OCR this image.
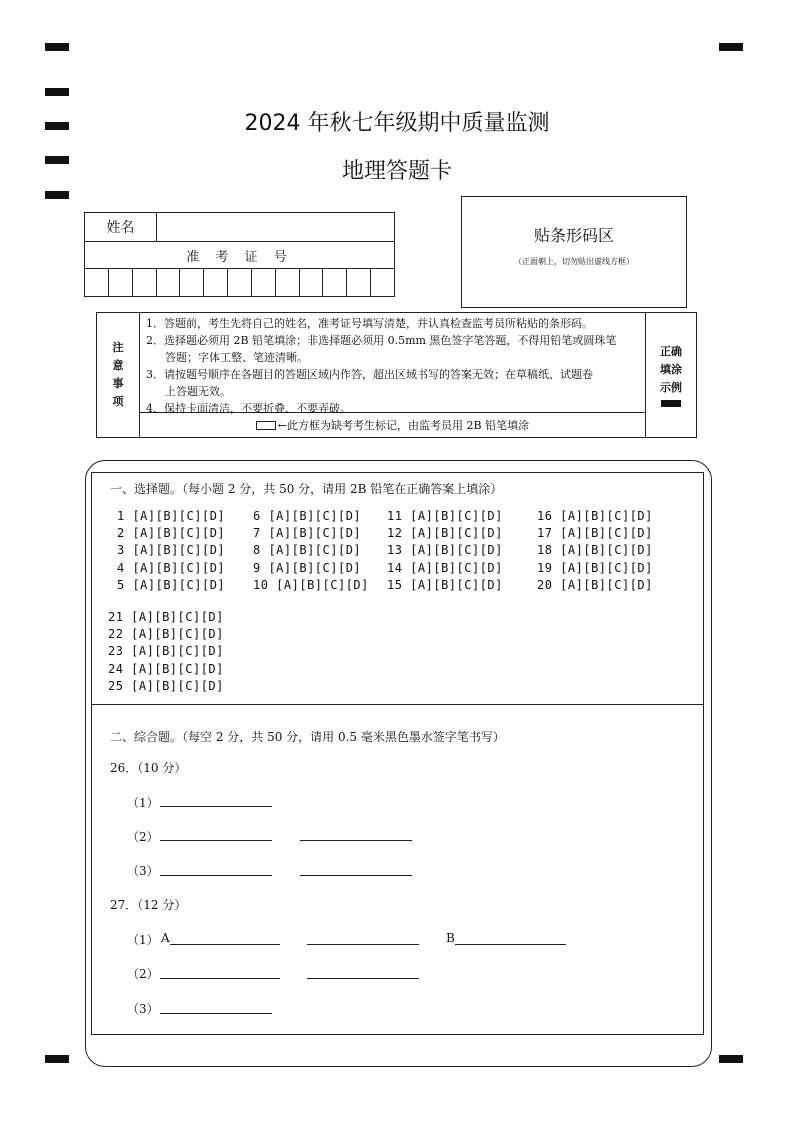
2024 年秋七年级期中质量监测
地理答题卡
姓名
准 考 证 号
贴条形码区
（正面朝上，切勿贴出虚线方框）
注
意
事
项

1．答题前，考生先将自己的姓名，准考证号填写清楚，并认真检查监考员所粘贴的条形码。

2．选择题必须用 2B 铅笔填涂；非选择题必须用 0.5mm 黑色签字笔答题，不得用铅笔或圆珠笔

答题；字体工整、笔迹清晰。

3．请按题号顺序在各题目的答题区域内作答，超出区域书写的答案无效；在草稿纸、试题卷

上答题无效。

4．保持卡面清洁，不要折叠、不要弄破。

←此方框为缺考考生标记，由监考员用 2B 铅笔填涂
正确
填涂
示例
一、选择题。（每小题 2 分，共 50 分，请用 2B 铅笔在正确答案上填涂）
1 [A][B][C][D]
2 [A][B][C][D]
3 [A][B][C][D]
4 [A][B][C][D]
5 [A][B][C][D]
6 [A][B][C][D]
7 [A][B][C][D]
8 [A][B][C][D]
9 [A][B][C][D]
10 [A][B][C][D]
11 [A][B][C][D]
12 [A][B][C][D]
13 [A][B][C][D]
14 [A][B][C][D]
15 [A][B][C][D]
16 [A][B][C][D]
17 [A][B][C][D]
18 [A][B][C][D]
19 [A][B][C][D]
20 [A][B][C][D]
21 [A][B][C][D]
22 [A][B][C][D]
23 [A][B][C][D]
24 [A][B][C][D]
25 [A][B][C][D]
二、综合题。（每空 2 分，共 50 分，请用 0.5 毫米黑色墨水签字笔书写）
26．（10 分）
（1）
（2）
（3）
27．（12 分）
（1） A	B
（2）
（3）
